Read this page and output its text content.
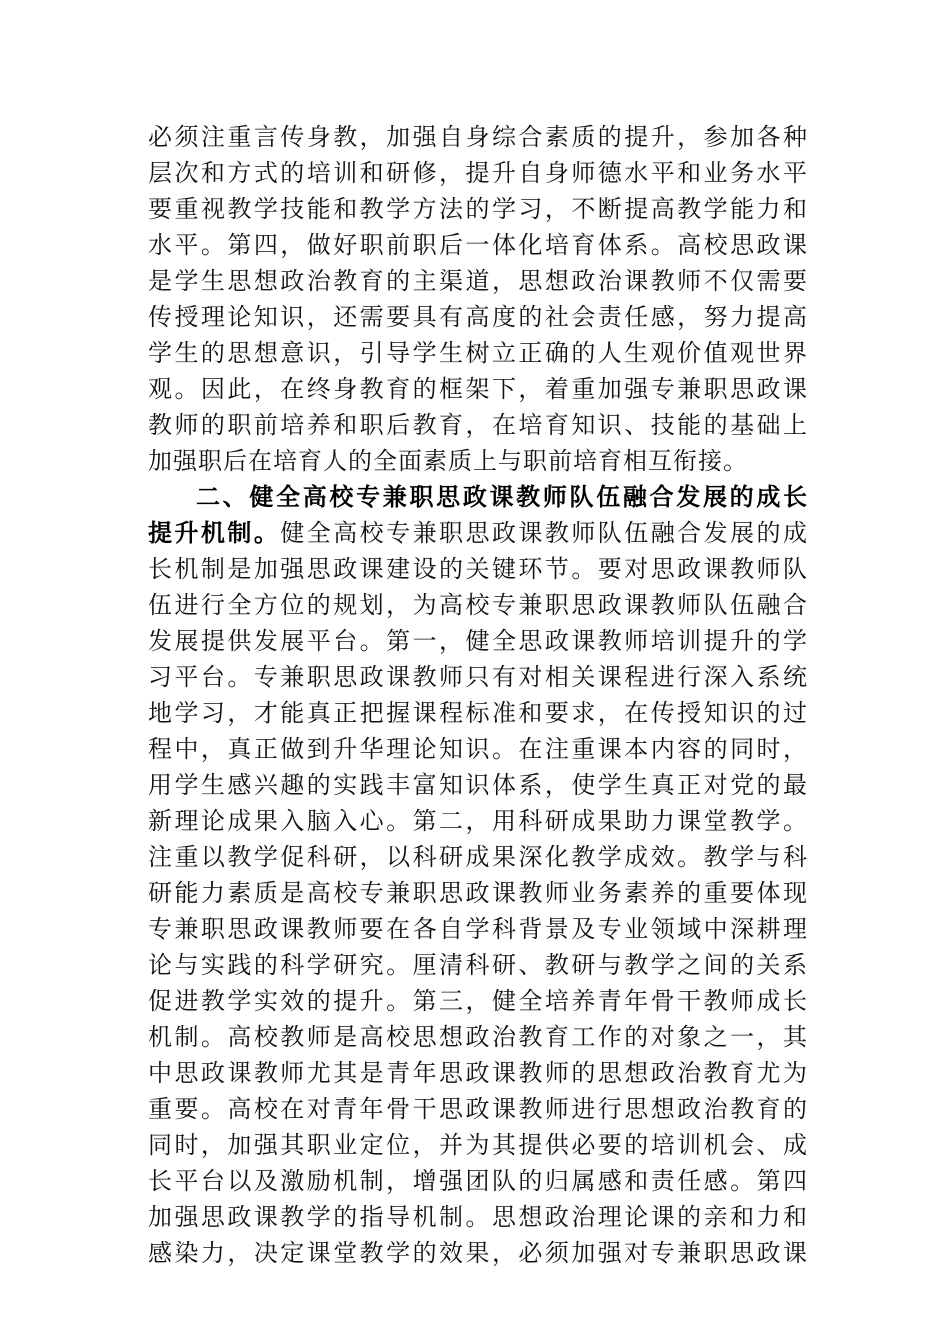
必须注重言传身教，加强自身综合素质的提升，参加各种
层次和方式的培训和研修，提升自身师德水平和业务水平
要重视教学技能和教学方法的学习，不断提高教学能力和
水平。第四，做好职前职后一体化培育体系。高校思政课
是学生思想政治教育的主渠道，思想政治课教师不仅需要
传授理论知识，还需要具有高度的社会责任感，努力提高
学生的思想意识，引导学生树立正确的人生观价值观世界
观。因此，在终身教育的框架下，着重加强专兼职思政课
教师的职前培养和职后教育，在培育知识、技能的基础上
加强职后在培育人的全面素质上与职前培育相互衔接。
二、健全高校专兼职思政课教师队伍融合发展的成长
提升机制。健全高校专兼职思政课教师队伍融合发展的成
长机制是加强思政课建设的关键环节。要对思政课教师队
伍进行全方位的规划，为高校专兼职思政课教师队伍融合
发展提供发展平台。第一，健全思政课教师培训提升的学
习平台。专兼职思政课教师只有对相关课程进行深入系统
地学习，才能真正把握课程标准和要求，在传授知识的过
程中，真正做到升华理论知识。在注重课本内容的同时，
用学生感兴趣的实践丰富知识体系，使学生真正对党的最
新理论成果入脑入心。第二，用科研成果助力课堂教学。
注重以教学促科研，以科研成果深化教学成效。教学与科
研能力素质是高校专兼职思政课教师业务素养的重要体现
专兼职思政课教师要在各自学科背景及专业领域中深耕理
论与实践的科学研究。厘清科研、教研与教学之间的关系
促进教学实效的提升。第三，健全培养青年骨干教师成长
机制。高校教师是高校思想政治教育工作的对象之一，其
中思政课教师尤其是青年思政课教师的思想政治教育尤为
重要。高校在对青年骨干思政课教师进行思想政治教育的
同时，加强其职业定位，并为其提供必要的培训机会、成
长平台以及激励机制，增强团队的归属感和责任感。第四
加强思政课教学的指导机制。思想政治理论课的亲和力和
感染力，决定课堂教学的效果，必须加强对专兼职思政课
